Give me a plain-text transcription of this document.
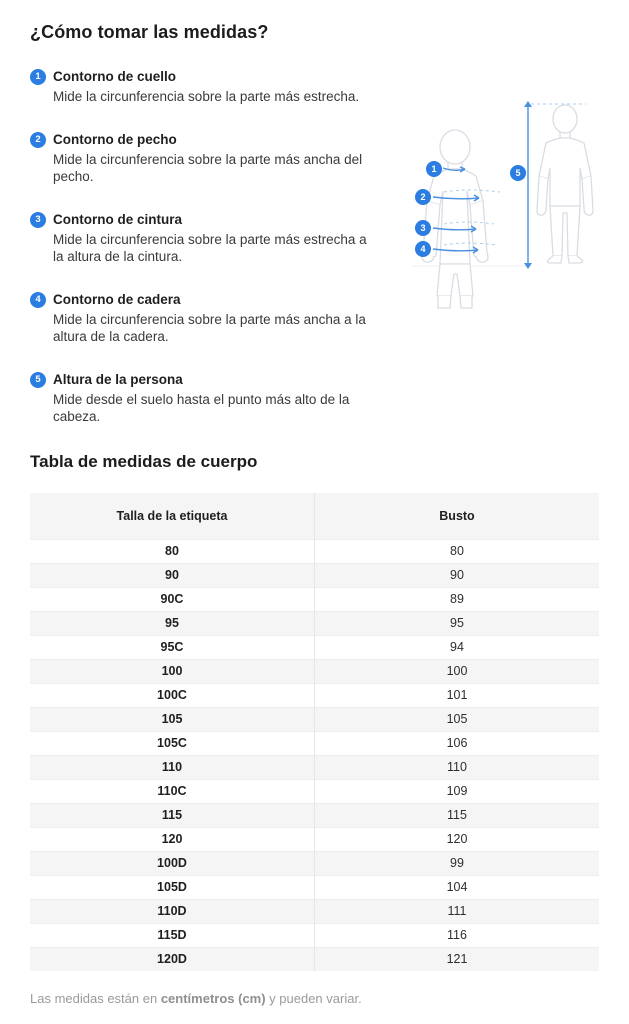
¿Cómo tomar las medidas?
1 Contorno de cuello
Mide la circunferencia sobre la parte más estrecha.
2 Contorno de pecho
Mide la circunferencia sobre la parte más ancha del pecho.
3 Contorno de cintura
Mide la circunferencia sobre la parte más estrecha a la altura de la cintura.
4 Contorno de cadera
Mide la circunferencia sobre la parte más ancha a la altura de la cadera.
5 Altura de la persona
Mide desde el suelo hasta el punto más alto de la cabeza.
Tabla de medidas de cuerpo
Talla de la etiqueta	Busto
80	80
90	90
90C	89
95	95
95C	94
100	100
100C	101
105	105
105C	106
110	110
110C	109
115	115
120	120
100D	99
105D	104
110D	111
115D	116
120D	121

Las medidas están en centímetros (cm) y pueden variar.

1
2
3
4
5
